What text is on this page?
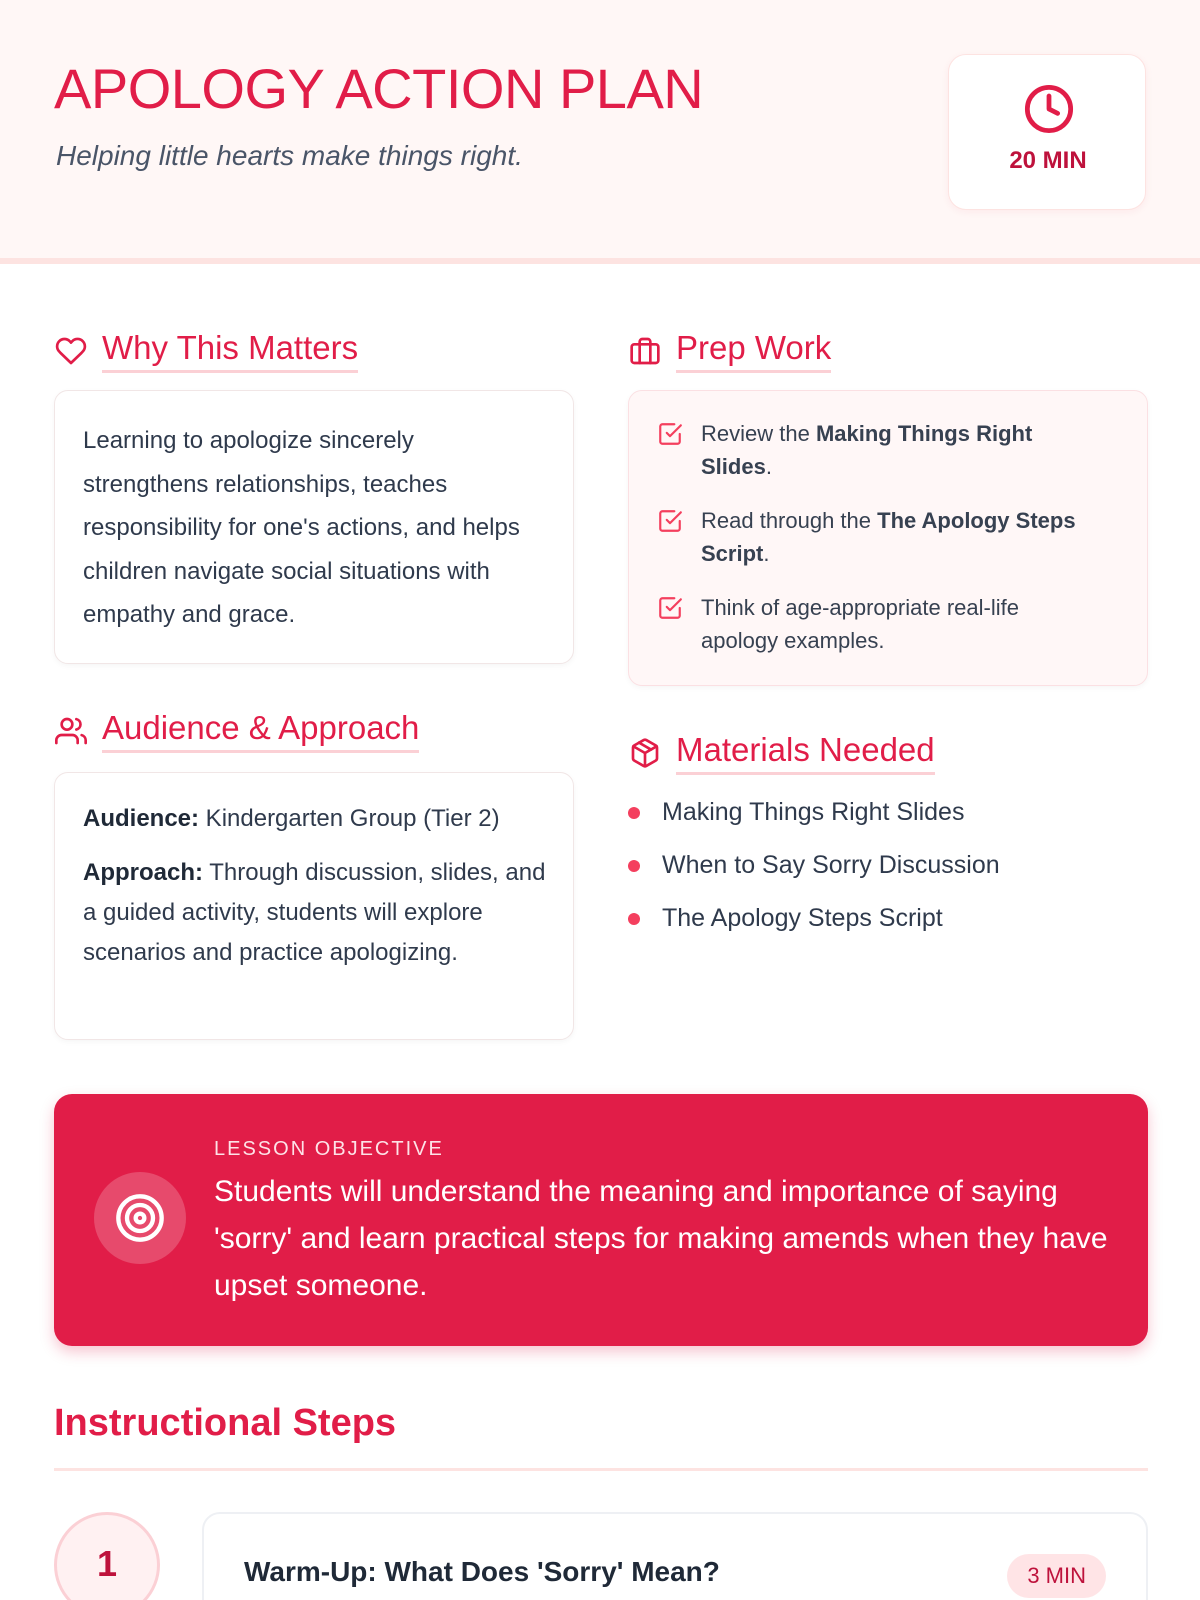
APOLOGY ACTION PLAN

Helping little hearts make things right.	20 MIN
Why This Matters

Learning to apologize sincerely strengthens relationships, teaches responsibility for one's actions, and helps children navigate social situations with empathy and grace.

Prep Work
Review the Making Things Right Slides.
Read through the The Apology Steps Script.
Think of age-appropriate real-life apology examples.
Audience & Approach

Audience: Kindergarten Group (Tier 2)

Approach: Through discussion, slides, and a guided activity, students will explore scenarios and practice apologizing.

Materials Needed
Making Things Right Slides
When to Say Sorry Discussion
The Apology Steps Script
LESSON OBJECTIVE

Students will understand the meaning and importance of saying 'sorry' and learn practical steps for making amends when they have upset someone.

Instructional Steps
1	Warm-Up: What Does 'Sorry' Mean?	3 MIN
